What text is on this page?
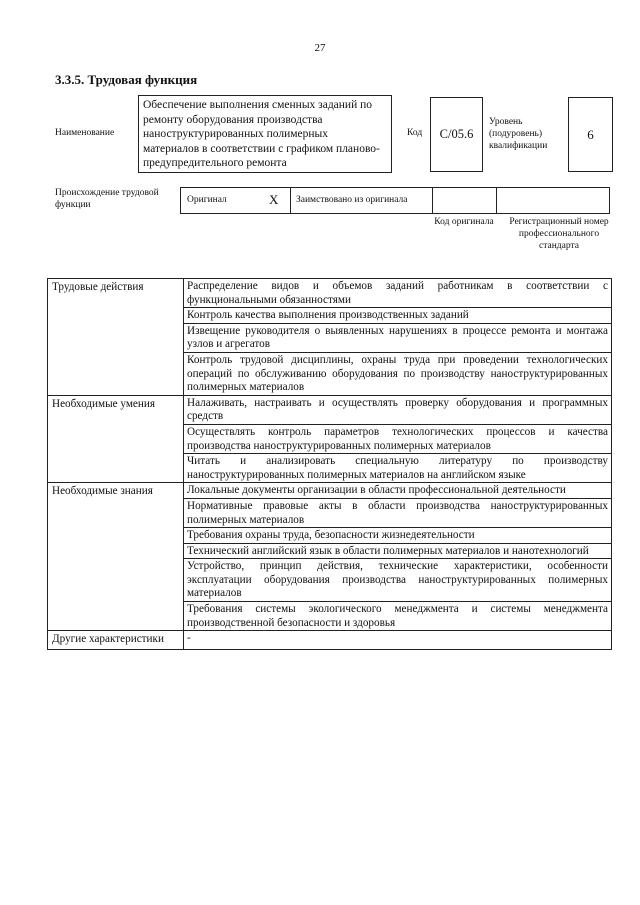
27
3.3.5. Трудовая функция
Наименование
Обеспечение выполнения сменных заданий по ремонту оборудования производства наноструктурированных полимерных материалов в соответствии с графиком планово-предупредительного ремонта
Код	C/05.6
Уровень (подуровень) квалификации
6
Происхождение трудовой функции	Оригинал	X Заимствовано из оригинала
Код оригинала	Регистрационный номер профессионального стандарта
Трудовые действия	Распределение видов и объемов заданий работникам в соответствии с функциональными обязанностями
	Контроль качества выполнения производственных заданий
	Извещение руководителя о выявленных нарушениях в процессе ремонта и монтажа узлов и агрегатов
	Контроль трудовой дисциплины, охраны труда при проведении технологических операций по обслуживанию оборудования по производству наноструктурированных полимерных материалов
Необходимые умения	Налаживать, настраивать и осуществлять проверку оборудования и программных средств
	Осуществлять контроль параметров технологических процессов и качества производства наноструктурированных полимерных материалов
	Читать и анализировать специальную литературу по производству наноструктурированных полимерных материалов на английском языке
Необходимые знания	Локальные документы организации в области профессиональной деятельности
	Нормативные правовые акты в области производства наноструктурированных полимерных материалов
	Требования охраны труда, безопасности жизнедеятельности
	Технический английский язык в области полимерных материалов и нанотехнологий
	Устройство, принцип действия, технические характеристики, особенности эксплуатации оборудования производства наноструктурированных полимерных материалов
	Требования системы экологического менеджмента и системы менеджмента производственной безопасности и здоровья
Другие характеристики	-
